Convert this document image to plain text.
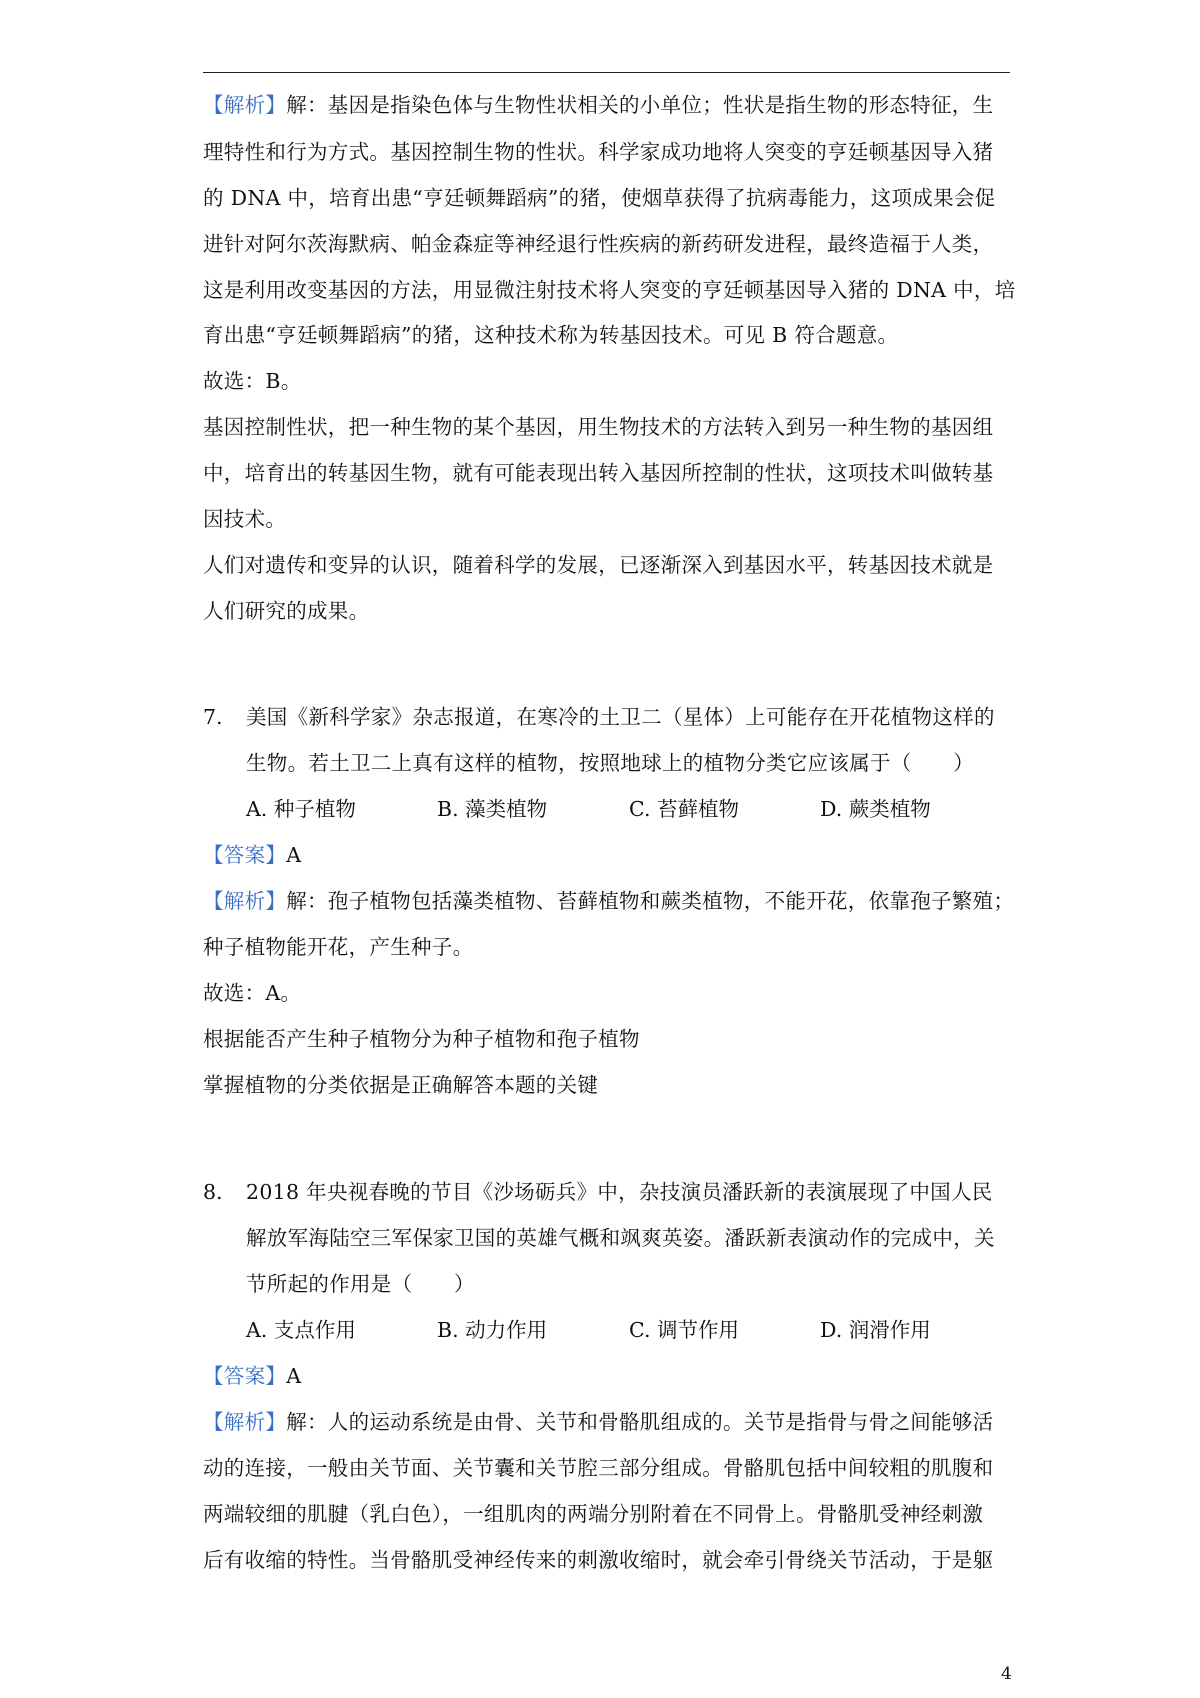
【解析】解：基因是指染色体与生物性状相关的小单位；性状是指生物的形态特征，生
理特性和行为方式。基因控制生物的性状。科学家成功地将人突变的亨廷顿基因导入猪
的 DNA 中，培育出患“亨廷顿舞蹈病”的猪，使烟草获得了抗病毒能力，这项成果会促
进针对阿尔茨海默病、帕金森症等神经退行性疾病的新药研发进程，最终造福于人类，
这是利用改变基因的方法，用显微注射技术将人突变的亨廷顿基因导入猪的 DNA 中，培
育出患“亨廷顿舞蹈病”的猪，这种技术称为转基因技术。可见 B 符合题意。
故选：B。
基因控制性状，把一种生物的某个基因，用生物技术的方法转入到另一种生物的基因组
中，培育出的转基因生物，就有可能表现出转入基因所控制的性状，这项技术叫做转基
因技术。
人们对遗传和变异的认识，随着科学的发展，已逐渐深入到基因水平，转基因技术就是
人们研究的成果。
7. 美国《新科学家》杂志报道，在寒冷的土卫二（星体）上可能存在开花植物这样的
生物。若土卫二上真有这样的植物，按照地球上的植物分类它应该属于（　　）
A. 种子植物	B. 藻类植物	C. 苔藓植物	D. 蕨类植物
【答案】A
【解析】解：孢子植物包括藻类植物、苔藓植物和蕨类植物，不能开花，依靠孢子繁殖；
种子植物能开花，产生种子。
故选：A。
根据能否产生种子植物分为种子植物和孢子植物
掌握植物的分类依据是正确解答本题的关键
8. 2018 年央视春晚的节目《沙场砺兵》中，杂技演员潘跃新的表演展现了中国人民
解放军海陆空三军保家卫国的英雄气概和飒爽英姿。潘跃新表演动作的完成中，关
节所起的作用是（　　）
A. 支点作用	B. 动力作用	C. 调节作用	D. 润滑作用
【答案】A
【解析】解：人的运动系统是由骨、关节和骨骼肌组成的。关节是指骨与骨之间能够活
动的连接，一般由关节面、关节囊和关节腔三部分组成。骨骼肌包括中间较粗的肌腹和
两端较细的肌腱（乳白色），一组肌肉的两端分别附着在不同骨上。骨骼肌受神经刺激
后有收缩的特性。当骨骼肌受神经传来的刺激收缩时，就会牵引骨绕关节活动，于是躯
4
